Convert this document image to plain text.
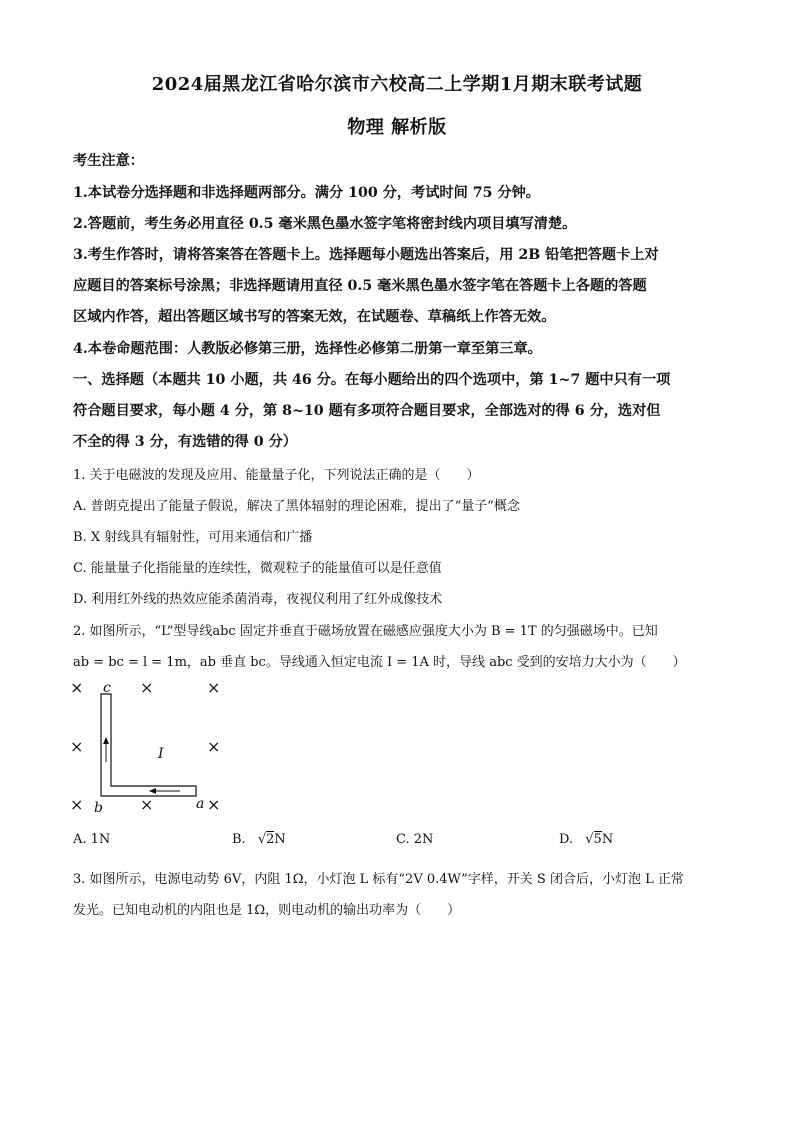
2024届黑龙江省哈尔滨市六校高二上学期1月期末联考试题
物理 解析版
考生注意：
1.本试卷分选择题和非选择题两部分。满分 100 分，考试时间 75 分钟。
2.答题前，考生务必用直径 0.5 毫米黑色墨水签字笔将密封线内项目填写清楚。
3.考生作答时，请将答案答在答题卡上。选择题每小题选出答案后，用 2B 铅笔把答题卡上对
应题目的答案标号涂黑；非选择题请用直径 0.5 毫米黑色墨水签字笔在答题卡上各题的答题
区域内作答，超出答题区域书写的答案无效，在试题卷、草稿纸上作答无效。
4.本卷命题范围：人教版必修第三册，选择性必修第二册第一章至第三章。
一、选择题（本题共 10 小题，共 46 分。在每小题给出的四个选项中，第 1~7 题中只有一项
符合题目要求，每小题 4 分，第 8~10 题有多项符合题目要求，全部选对的得 6 分，选对但
不全的得 3 分，有选错的得 0 分）
1. 关于电磁波的发现及应用、能量量子化，下列说法正确的是（　　）
A. 普朗克提出了能量子假说，解决了黑体辐射的理论困难，提出了“量子”概念
B. X 射线具有辐射性，可用来通信和广播
C. 能量量子化指能量的连续性，微观粒子的能量值可以是任意值
D. 利用红外线的热效应能杀菌消毒，夜视仪利用了红外成像技术
2. 如图所示，“L”型导线abc 固定并垂直于磁场放置在磁感应强度大小为 B = 1T 的匀强磁场中。已知
ab = bc = l = 1m，ab 垂直 bc。导线通入恒定电流 I = 1A 时，导线 abc 受到的安培力大小为（　　）
×	×	×
×	×
×	×	×
c
I
b	a
A. 1N	B. √2N	C. 2N	D. √5N
3. 如图所示，电源电动势 6V，内阻 1Ω，小灯泡 L 标有“2V 0.4W”字样，开关 S 闭合后，小灯泡 L 正常
发光。已知电动机的内阻也是 1Ω，则电动机的输出功率为（　　）
